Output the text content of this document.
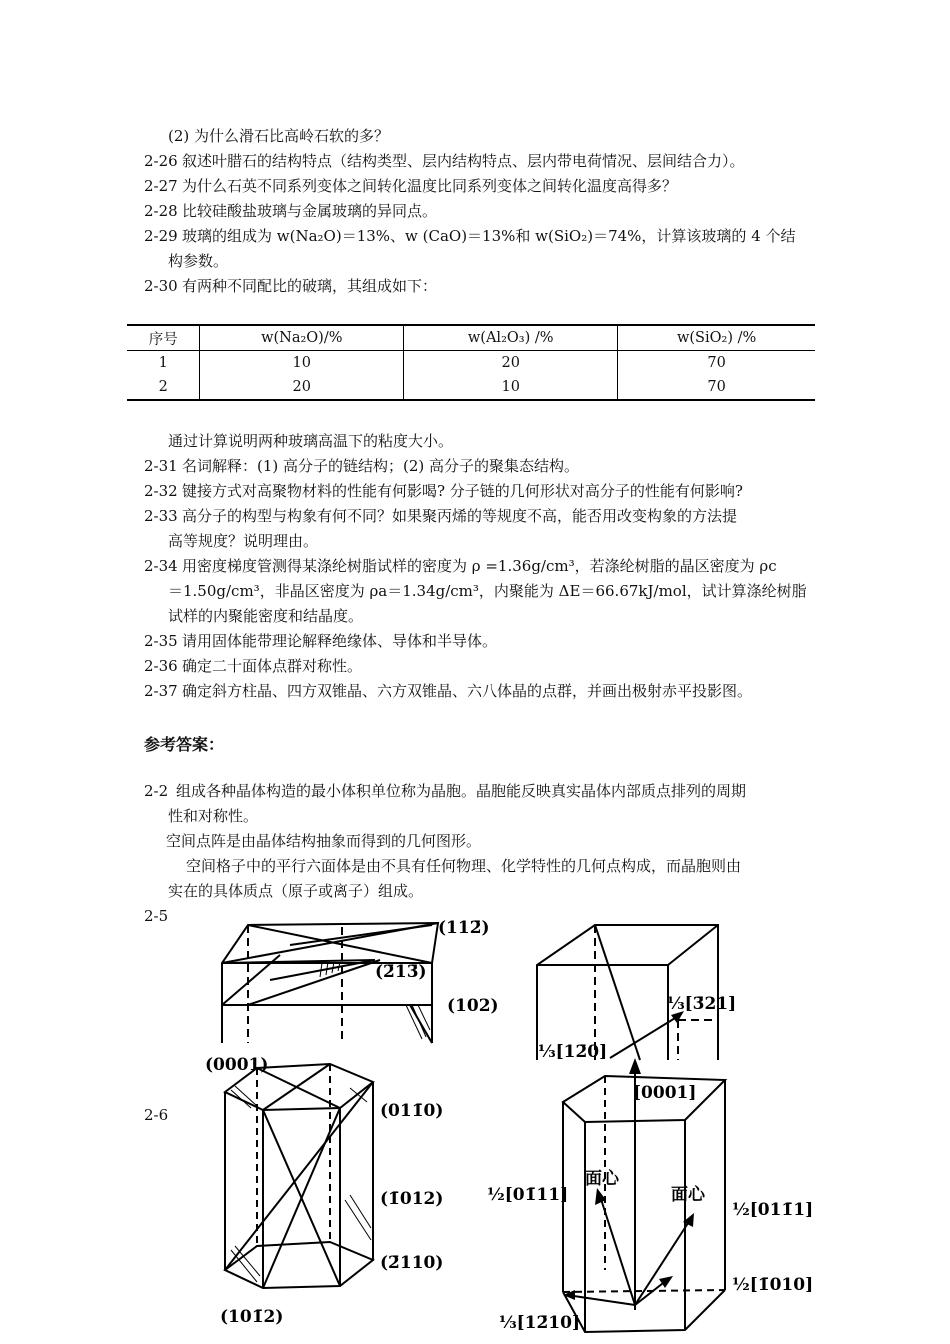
(2) 为什么滑石比高岭石软的多？
2-26 叙述叶腊石的结构特点（结构类型、层内结构特点、层内带电荷情况、层间结合力）。
2-27 为什么石英不同系列变体之间转化温度比同系列变体之间转化温度高得多？
2-28 比较硅酸盐玻璃与金属玻璃的异同点。
2-29 玻璃的组成为 w(Na₂O)＝13%、w (CaO)＝13%和 w(SiO₂)＝74%，计算该玻璃的 4 个结
构参数。
2-30 有两种不同配比的破璃，其组成如下：
序号	w(Na₂O)/%	w(Al₂O₃) /%	w(SiO₂) /%
1	10	20	70
2	20	10	70
通过计算说明两种玻璃高温下的粘度大小。
2-31 名词解释：(1) 高分子的链结构；(2) 高分子的聚集态结构。
2-32 键接方式对高聚物材料的性能有何影喝? 分子链的几何形状对高分子的性能有何影响?
2-33 高分子的构型与构象有何不同？如果聚丙烯的等规度不高，能否用改变构象的方法提
高等规度？说明理由。
2-34 用密度梯度管测得某涤纶树脂试样的密度为 ρ =1.36g/cm³，若涤纶树脂的晶区密度为 ρc
＝1.50g/cm³，非晶区密度为 ρa＝1.34g/cm³，内聚能为 ΔE＝66.67kJ/mol，试计算涤纶树脂
试样的内聚能密度和结晶度。
2-35 请用固体能带理论解释绝缘体、导体和半导体。
2-36 确定二十面体点群对称性。
2-37 确定斜方柱晶、四方双锥晶、六方双锥晶、六八体晶的点群，并画出极射赤平投影图。
参考答案：
2-2 组成各种晶体构造的最小体积单位称为晶胞。晶胞能反映真实晶体内部质点排列的周期
性和对称性。
空间点阵是由晶体结构抽象而得到的几何图形。
空间格子中的平行六面体是由不具有任何物理、化学特性的几何点构成，而晶胞则由
实在的具体质点（原子或离子）组成。
2-5
2-6
(112̄)
(2̄13̄)
(102)	⅓[3̄21]
⅓[12̄0]
(0001)
(011̄0)
(1̄012)
(2̄110)
(101̄2)
[0001]
面心
面心
½[01̄11]
½[011̄1]
½[1̄010]
⅓[12̄10]
